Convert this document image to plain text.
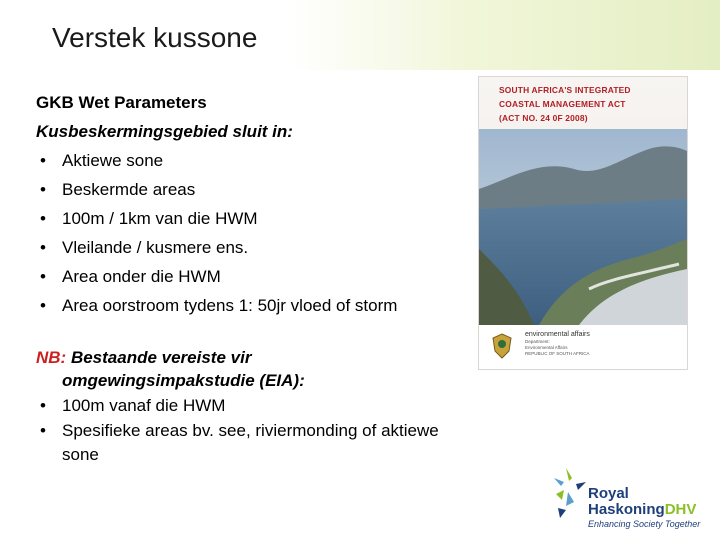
Verstek kussone

GKB Wet Parameters

Kusbeskermingsgebied sluit in:

• Aktiewe sone
• Beskermde areas
• 100m / 1km van die HWM
• Vleilande / kusmere ens.
• Area onder die HWM
• Area oorstroom tydens 1: 50jr vloed of storm

NB: Bestaande vereiste vir
omgewingsimpakstudie (EIA):

• 100m vanaf die HWM
• Spesifieke areas bv. see, riviermonding of aktiewe sone
SOUTH AFRICA'S INTEGRATED
COASTAL MANAGEMENT ACT
(ACT NO. 24 0F 2008)
environmental affairs
Department:
Environmental Affairs
REPUBLIC OF SOUTH AFRICA
Royal
HaskoningDHV
Enhancing Society Together
